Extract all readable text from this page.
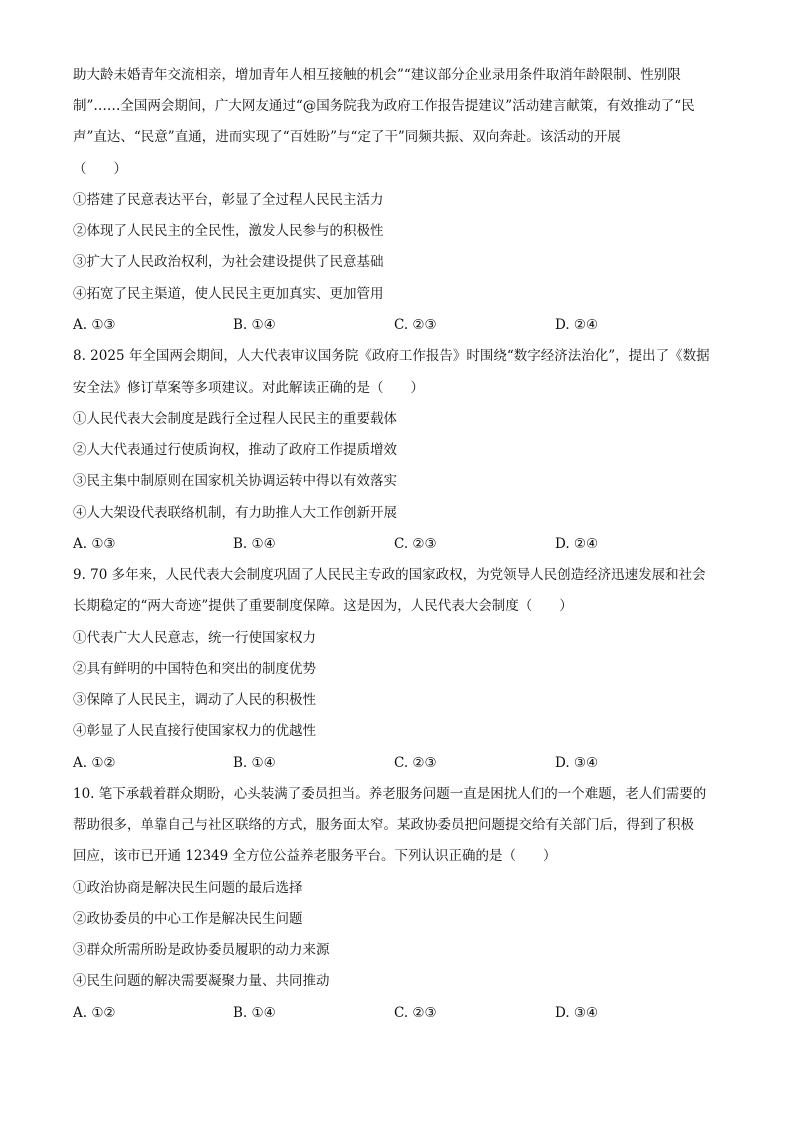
助大龄未婚青年交流相亲，增加青年人相互接触的机会”“建议部分企业录用条件取消年龄限制、性别限
制”……全国两会期间，广大网友通过“@国务院我为政府工作报告提建议”活动建言献策，有效推动了“民
声”直达、“民意”直通，进而实现了“百姓盼”与“定了干”同频共振、双向奔赴。该活动的开展
（　　）
①搭建了民意表达平台，彰显了全过程人民民主活力
②体现了人民民主的全民性，激发人民参与的积极性
③扩大了人民政治权利，为社会建设提供了民意基础
④拓宽了民主渠道，使人民民主更加真实、更加管用
A. ①③	B. ①④	C. ②③	D. ②④
8. 2025 年全国两会期间，人大代表审议国务院《政府工作报告》时围绕“数字经济法治化”，提出了《数据
安全法》修订草案等多项建议。对此解读正确的是（　　）
①人民代表大会制度是践行全过程人民民主的重要载体
②人大代表通过行使质询权，推动了政府工作提质增效
③民主集中制原则在国家机关协调运转中得以有效落实
④人大架设代表联络机制，有力助推人大工作创新开展
A. ①③	B. ①④	C. ②③	D. ②④
9. 70 多年来，人民代表大会制度巩固了人民民主专政的国家政权，为党领导人民创造经济迅速发展和社会
长期稳定的“两大奇迹”提供了重要制度保障。这是因为，人民代表大会制度（　　）
①代表广大人民意志，统一行使国家权力
②具有鲜明的中国特色和突出的制度优势
③保障了人民民主，调动了人民的积极性
④彰显了人民直接行使国家权力的优越性
A. ①②	B. ①④	C. ②③	D. ③④
10. 笔下承载着群众期盼，心头装满了委员担当。养老服务问题一直是困扰人们的一个难题，老人们需要的
帮助很多，单靠自己与社区联络的方式，服务面太窄。某政协委员把问题提交给有关部门后，得到了积极
回应，该市已开通 12349 全方位公益养老服务平台。下列认识正确的是（　　）
①政治协商是解决民生问题的最后选择
②政协委员的中心工作是解决民生问题
③群众所需所盼是政协委员履职的动力来源
④民生问题的解决需要凝聚力量、共同推动
A. ①②	B. ①④	C. ②③	D. ③④
